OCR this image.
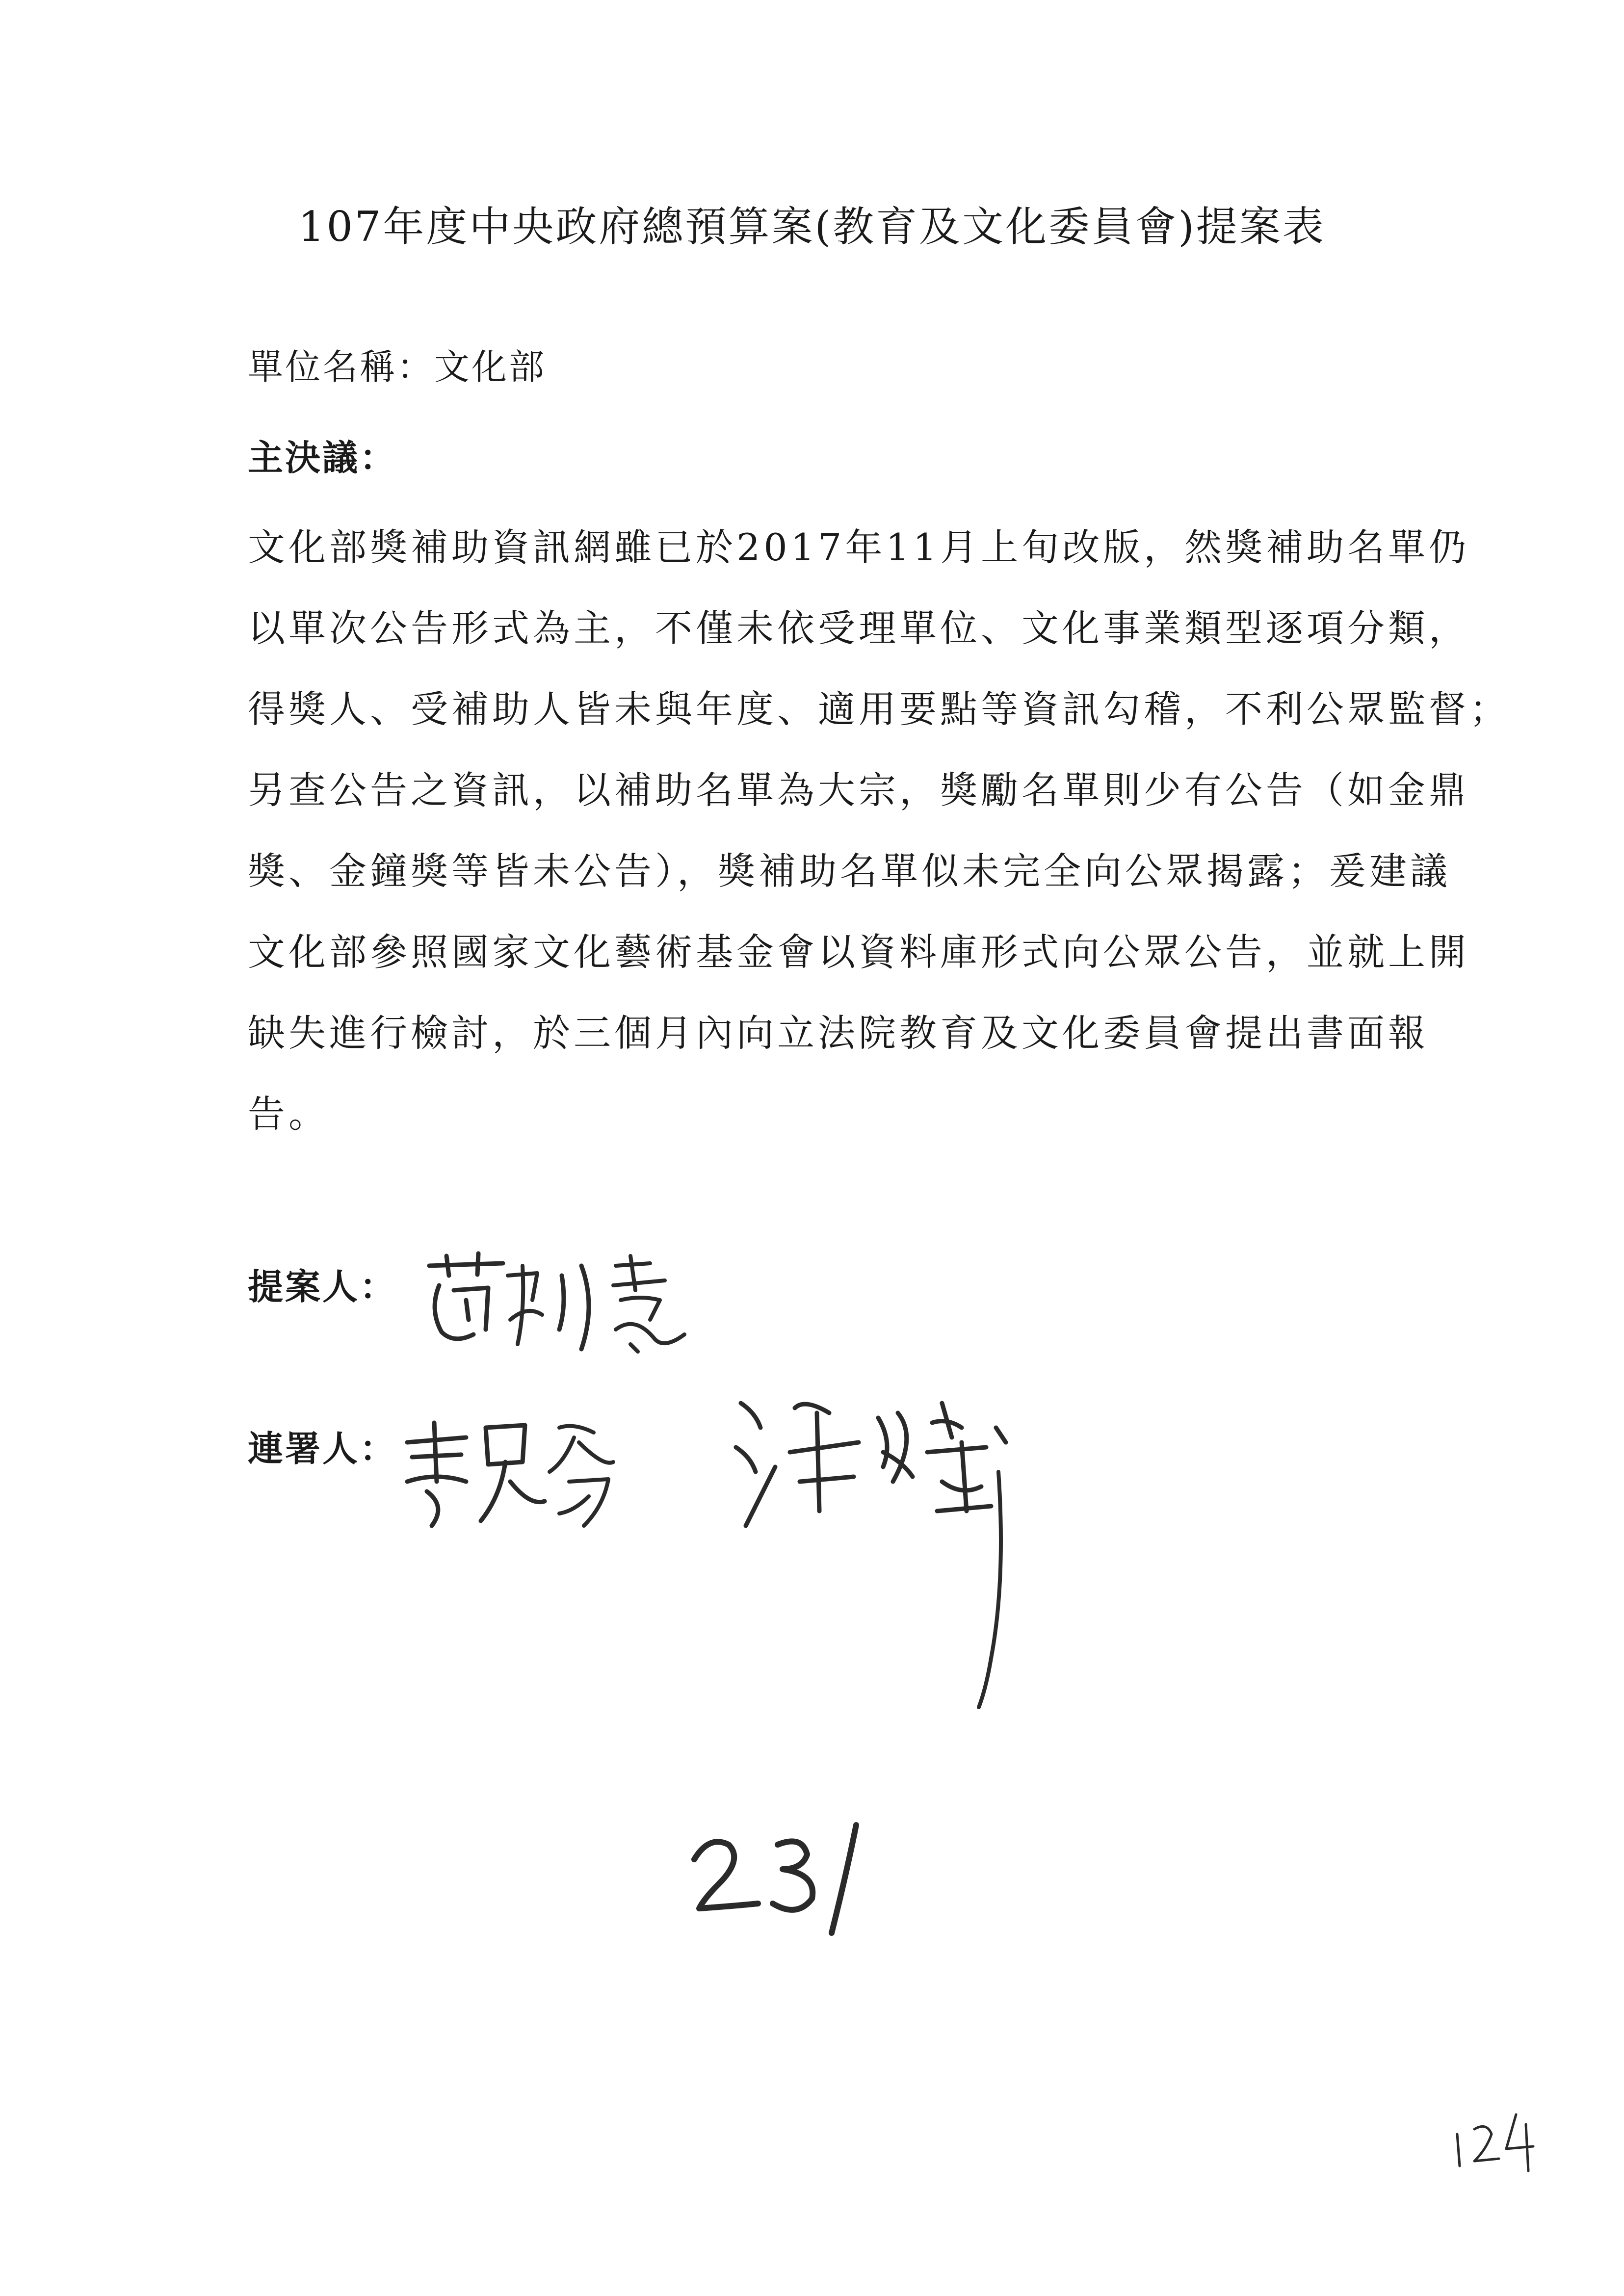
107年度中央政府總預算案(教育及文化委員會)提案表
單位名稱：文化部
主決議：
文化部獎補助資訊網雖已於2017年11月上旬改版，然獎補助名單仍
以單次公告形式為主，不僅未依受理單位、文化事業類型逐項分類，
得獎人、受補助人皆未與年度、適用要點等資訊勾稽，不利公眾監督；
另查公告之資訊，以補助名單為大宗，獎勵名單則少有公告（如金鼎
獎、金鐘獎等皆未公告），獎補助名單似未完全向公眾揭露；爰建議
文化部參照國家文化藝術基金會以資料庫形式向公眾公告，並就上開
缺失進行檢討，於三個月內向立法院教育及文化委員會提出書面報
告。
提案人：
連署人：
